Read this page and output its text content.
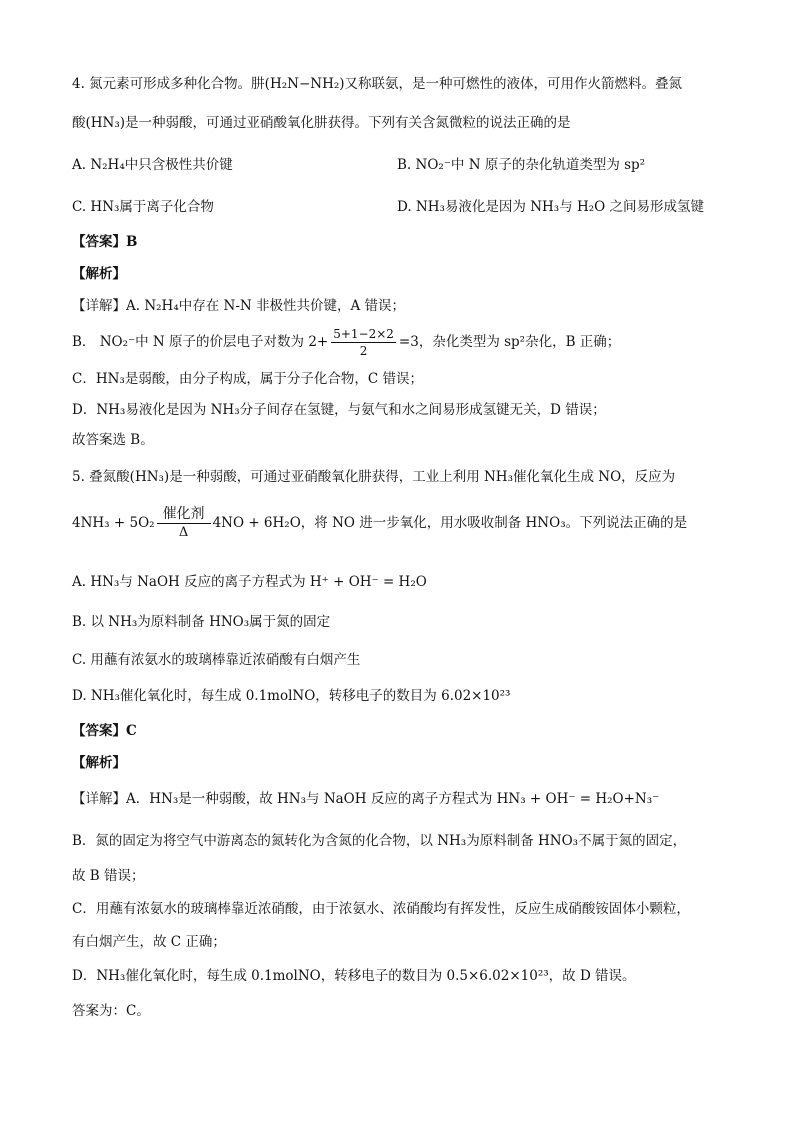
4. 氮元素可形成多种化合物。肼(H₂N−NH₂)又称联氨，是一种可燃性的液体，可用作火箭燃料。叠氮
酸(HN₃)是一种弱酸，可通过亚硝酸氧化肼获得。下列有关含氮微粒的说法正确的是
A. N₂H₄中只含极性共价键	B. NO₂⁻中 N 原子的杂化轨道类型为 sp²
C. HN₃属于离子化合物	D. NH₃易液化是因为 NH₃与 H₂O 之间易形成氢键
【答案】B
【解析】
【详解】A. N₂H₄中存在 N-N 非极性共价键，A 错误；
B． NO₂⁻中 N 原子的价层电子对数为 $2+ \frac{5+1-2\times 2}{2} =3$，杂化类型为 sp²杂化，B 正确；
C．HN₃是弱酸，由分子构成，属于分子化合物，C 错误；
D．NH₃易液化是因为 NH₃分子间存在氢键，与氨气和水之间易形成氢键无关，D 错误；
故答案选 B。
5. 叠氮酸(HN₃)是一种弱酸，可通过亚硝酸氧化肼获得，工业上利用 NH₃催化氧化生成 NO，反应为
4NH₃ + 5O₂
催化剂
Δ
4NO + 6H₂O，将 NO 进一步氧化，用水吸收制备 HNO₃。下列说法正确的是
A. HN₃与 NaOH 反应的离子方程式为 H⁺ + OH⁻ = H₂O
B. 以 NH₃为原料制备 HNO₃属于氮的固定
C. 用蘸有浓氨水的玻璃棒靠近浓硝酸有白烟产生
D. NH₃催化氧化时，每生成 0.1molNO，转移电子的数目为 6.02×10²³
【答案】C
【解析】
【详解】A．HN₃是一种弱酸，故 HN₃与 NaOH 反应的离子方程式为 HN₃ + OH⁻ = H₂O+N₃⁻
B．氮的固定为将空气中游离态的氮转化为含氮的化合物，以 NH₃为原料制备 HNO₃不属于氮的固定，
故 B 错误；
C．用蘸有浓氨水的玻璃棒靠近浓硝酸，由于浓氨水、浓硝酸均有挥发性，反应生成硝酸铵固体小颗粒，
有白烟产生，故 C 正确；
D．NH₃催化氧化时，每生成 0.1molNO，转移电子的数目为 0.5×6.02×10²³，故 D 错误。
答案为：C。
